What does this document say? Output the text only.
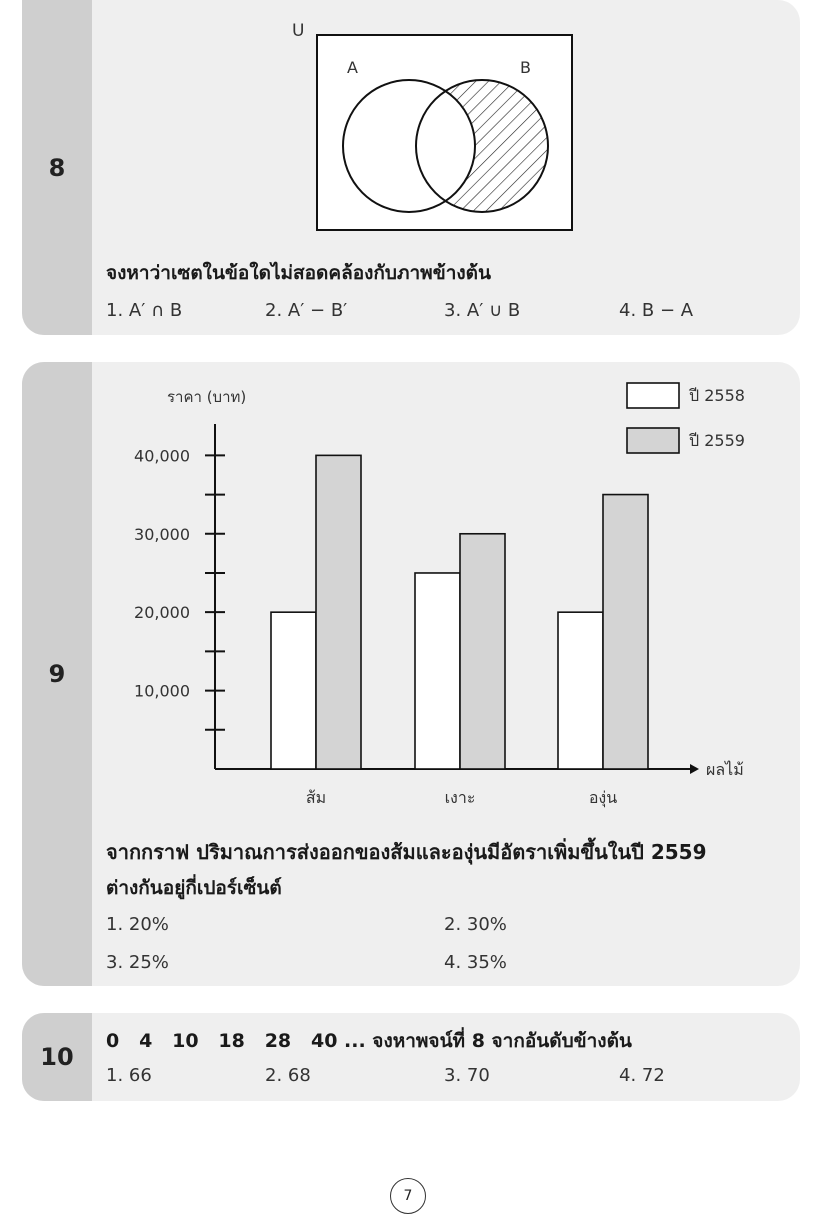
8
U
A	B
จงหาว่าเซตในข้อใดไม่สอดคล้องกับภาพข้างต้น
1. A′ ∩ B	2. A′ − B′	3. A′ ∪ B	4. B − A
9
ราคา (บาท)
ผลไม้
ปี 2558
ปี 2559
10,000
20,000
30,000
40,000
ส้ม	เงาะ	องุ่น
จากกราฟ ปริมาณการส่งออกของส้มและองุ่นมีอัตราเพิ่มขึ้นในปี 2559
ต่างกันอยู่กี่เปอร์เซ็นต์
1. 20%	2. 30%
3. 25%	4. 35%
10
0   4   10   18   28   40 ... จงหาพจน์ที่ 8 จากอันดับข้างต้น
1. 66	2. 68	3. 70	4. 72
7
